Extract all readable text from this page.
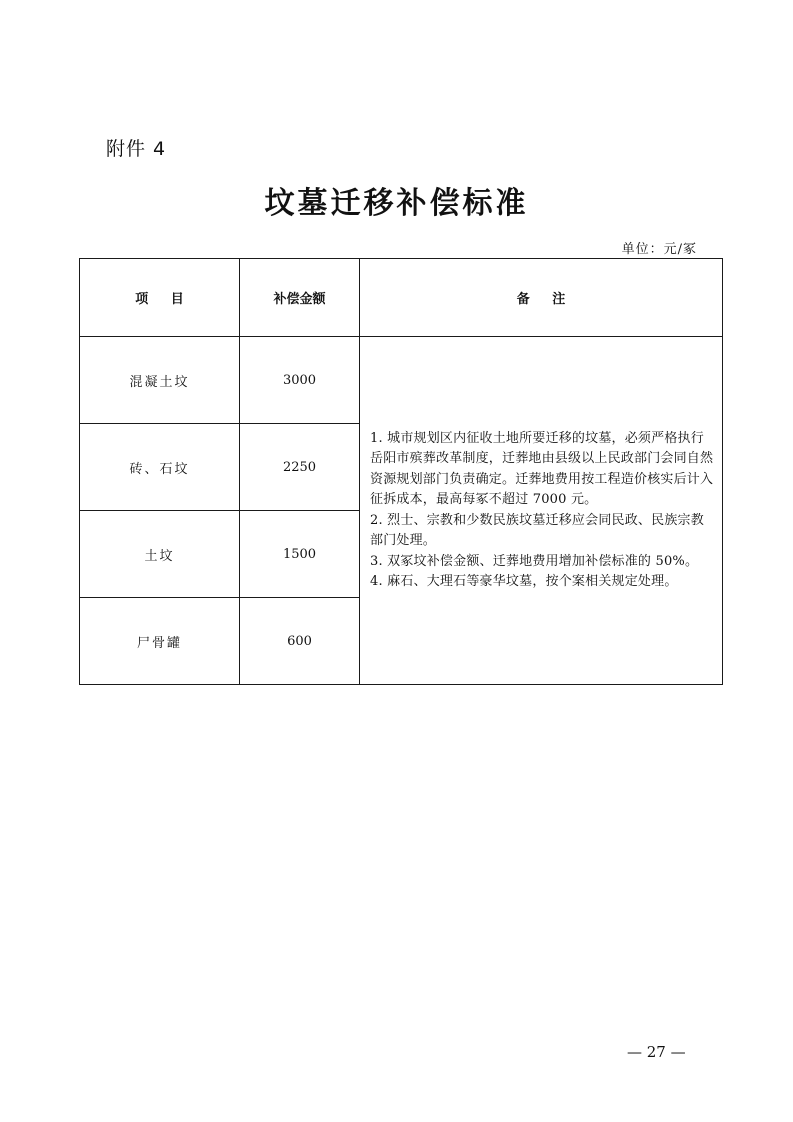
附件 4
坟墓迁移补偿标准
单位：元/冢
项 目	补偿金额	备 注
混凝土坟	3000	1. 城市规划区内征收土地所要迁移的坟墓，必须严格执行岳阳市殡葬改革制度，迁葬地由县级以上民政部门会同自然资源规划部门负责确定。迁葬地费用按工程造价核实后计入征拆成本，最高每冢不超过 7000 元。
2. 烈士、宗教和少数民族坟墓迁移应会同民政、民族宗教部门处理。
3. 双冢坟补偿金额、迁葬地费用增加补偿标准的 50%。
4. 麻石、大理石等豪华坟墓，按个案相关规定处理。

砖、石坟	2250	
土坟	1500	
尸骨罐	600	
— 27 —
